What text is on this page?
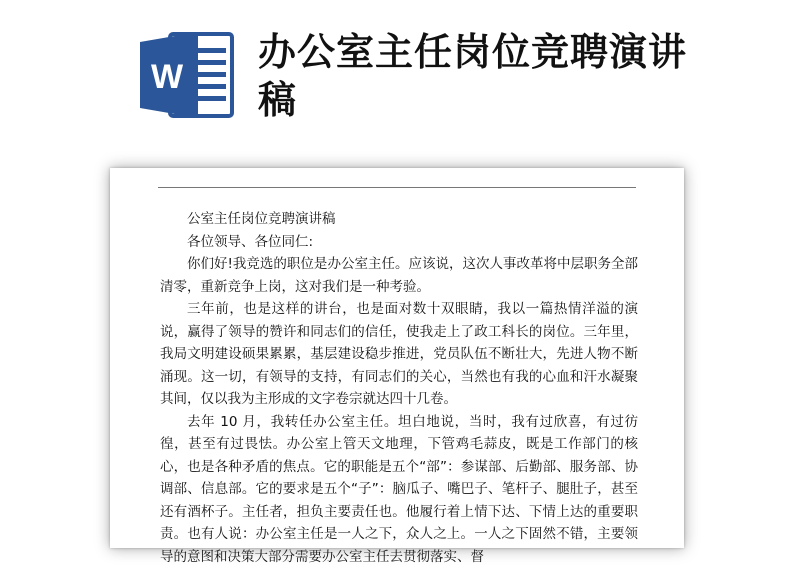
W
办公室主任岗位竞聘演讲稿

公室主任岗位竞聘演讲稿

各位领导、各位同仁:

你们好!我竞选的职位是办公室主任。应该说，这次人事改革将中层职务全部清零，重新竞争上岗，这对我们是一种考验。

三年前，也是这样的讲台，也是面对数十双眼睛，我以一篇热情洋溢的演说，赢得了领导的赞许和同志们的信任，使我走上了政工科长的岗位。三年里，我局文明建设硕果累累，基层建设稳步推进，党员队伍不断壮大，先进人物不断涌现。这一切，有领导的支持，有同志们的关心，当然也有我的心血和汗水凝聚其间，仅以我为主形成的文字卷宗就达四十几卷。

去年 10 月，我转任办公室主任。坦白地说，当时，我有过欣喜，有过彷徨，甚至有过畏怯。办公室上管天文地理，下管鸡毛蒜皮，既是工作部门的核心，也是各种矛盾的焦点。它的职能是五个“部”：参谋部、后勤部、服务部、协调部、信息部。它的要求是五个“子”：脑瓜子、嘴巴子、笔杆子、腿肚子，甚至还有酒杯子。主任者，担负主要责任也。他履行着上情下达、下情上达的重要职责。也有人说：办公室主任是一人之下，众人之上。一人之下固然不错，主要领导的意图和决策大部分需要办公室主任去贯彻落实、督
